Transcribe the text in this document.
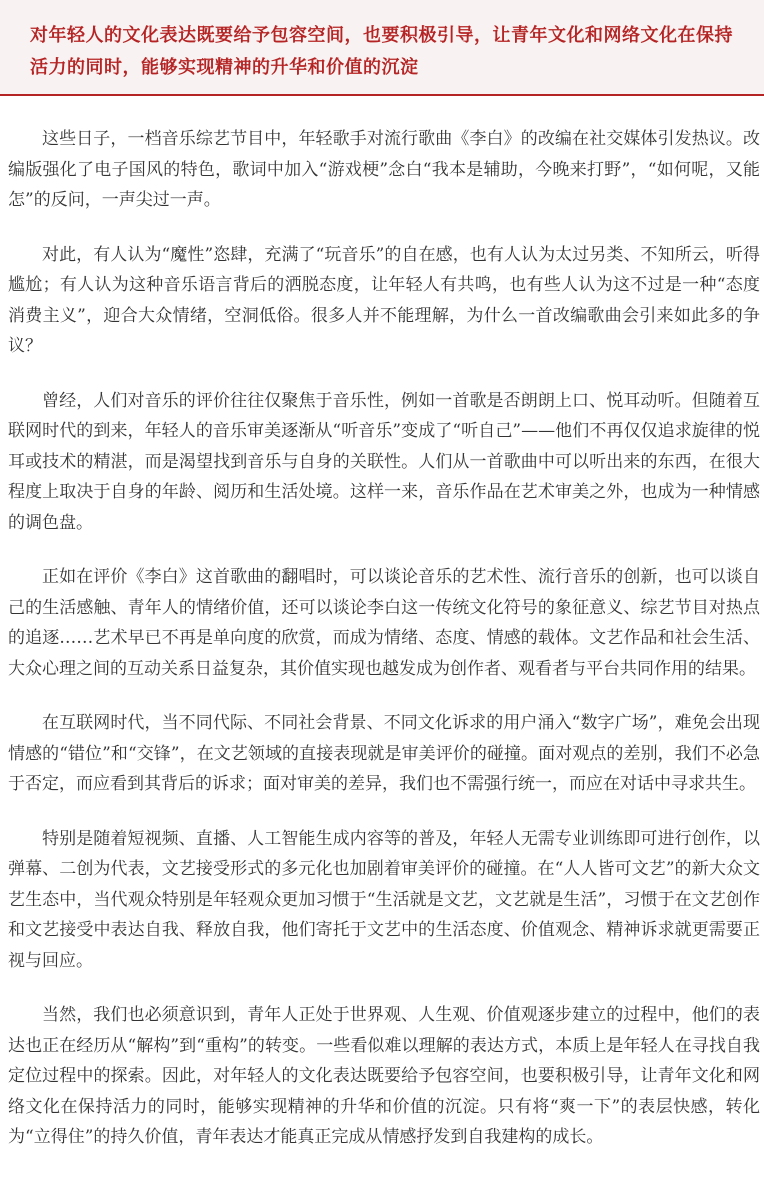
对年轻人的文化表达既要给予包容空间，也要积极引导，让青年文化和网络文化在保持活力的同时，能够实现精神的升华和价值的沉淀

这些日子，一档音乐综艺节目中，年轻歌手对流行歌曲《李白》的改编在社交媒体引发热议。改编版强化了电子国风的特色，歌词中加入“游戏梗”念白“我本是辅助，今晚来打野”，“如何呢，又能怎”的反问，一声尖过一声。

对此，有人认为“魔性”恣肆，充满了“玩音乐”的自在感，也有人认为太过另类、不知所云，听得尴尬；有人认为这种音乐语言背后的洒脱态度，让年轻人有共鸣，也有些人认为这不过是一种“态度消费主义”，迎合大众情绪，空洞低俗。很多人并不能理解，为什么一首改编歌曲会引来如此多的争议？

曾经，人们对音乐的评价往往仅聚焦于音乐性，例如一首歌是否朗朗上口、悦耳动听。但随着互联网时代的到来，年轻人的音乐审美逐渐从“听音乐”变成了“听自己”——他们不再仅仅追求旋律的悦耳或技术的精湛，而是渴望找到音乐与自身的关联性。人们从一首歌曲中可以听出来的东西，在很大程度上取决于自身的年龄、阅历和生活处境。这样一来，音乐作品在艺术审美之外，也成为一种情感的调色盘。

正如在评价《李白》这首歌曲的翻唱时，可以谈论音乐的艺术性、流行音乐的创新，也可以谈自己的生活感触、青年人的情绪价值，还可以谈论李白这一传统文化符号的象征意义、综艺节目对热点的追逐……艺术早已不再是单向度的欣赏，而成为情绪、态度、情感的载体。文艺作品和社会生活、大众心理之间的互动关系日益复杂，其价值实现也越发成为创作者、观看者与平台共同作用的结果。

在互联网时代，当不同代际、不同社会背景、不同文化诉求的用户涌入“数字广场”，难免会出现情感的“错位”和“交锋”，在文艺领域的直接表现就是审美评价的碰撞。面对观点的差别，我们不必急于否定，而应看到其背后的诉求；面对审美的差异，我们也不需强行统一，而应在对话中寻求共生。

特别是随着短视频、直播、人工智能生成内容等的普及，年轻人无需专业训练即可进行创作，以弹幕、二创为代表，文艺接受形式的多元化也加剧着审美评价的碰撞。在“人人皆可文艺”的新大众文艺生态中，当代观众特别是年轻观众更加习惯于“生活就是文艺，文艺就是生活”，习惯于在文艺创作和文艺接受中表达自我、释放自我，他们寄托于文艺中的生活态度、价值观念、精神诉求就更需要正视与回应。

当然，我们也必须意识到，青年人正处于世界观、人生观、价值观逐步建立的过程中，他们的表达也正在经历从“解构”到“重构”的转变。一些看似难以理解的表达方式，本质上是年轻人在寻找自我定位过程中的探索。因此，对年轻人的文化表达既要给予包容空间，也要积极引导，让青年文化和网络文化在保持活力的同时，能够实现精神的升华和价值的沉淀。只有将“爽一下”的表层快感，转化为“立得住”的持久价值，青年表达才能真正完成从情感抒发到自我建构的成长。
